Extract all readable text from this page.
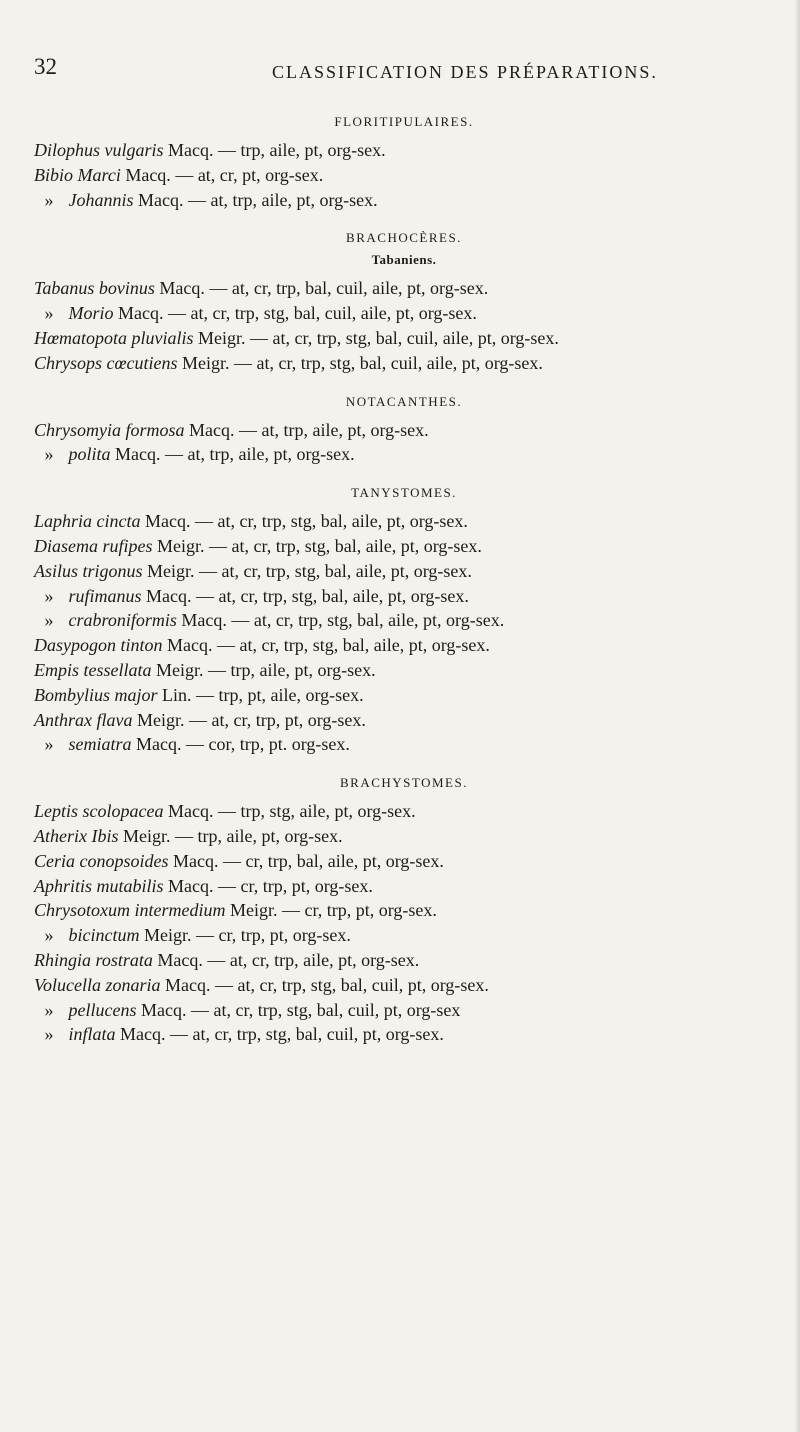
32	CLASSIFICATION DES PRÉPARATIONS.
FLORITIPULAIRES.
Dilophus vulgaris Macq. — trp, aile, pt, org-sex.
Bibio Marci Macq. — at, cr, pt, org-sex.
» Johannis Macq. — at, trp, aile, pt, org-sex.
BRACHOCÈRES.
Tabaniens.
Tabanus bovinus Macq. — at, cr, trp, bal, cuil, aile, pt, org-sex.
» Morio Macq. — at, cr, trp, stg, bal, cuil, aile, pt, org-sex.
Hœmatopota pluvialis Meigr. — at, cr, trp, stg, bal, cuil, aile, pt, org-sex.
Chrysops cœcutiens Meigr. — at, cr, trp, stg, bal, cuil, aile, pt, org-sex.
NOTACANTHES.
Chrysomyia formosa Macq. — at, trp, aile, pt, org-sex.
» polita Macq. — at, trp, aile, pt, org-sex.
TANYSTOMES.
Laphria cincta Macq. — at, cr, trp, stg, bal, aile, pt, org-sex.
Diasema rufipes Meigr. — at, cr, trp, stg, bal, aile, pt, org-sex.
Asilus trigonus Meigr. — at, cr, trp, stg, bal, aile, pt, org-sex.
» rufimanus Macq. — at, cr, trp, stg, bal, aile, pt, org-sex.
» crabroniformis Macq. — at, cr, trp, stg, bal, aile, pt, org-sex.
Dasypogon tinton Macq. — at, cr, trp, stg, bal, aile, pt, org-sex.
Empis tessellata Meigr. — trp, aile, pt, org-sex.
Bombylius major Lin. — trp, pt, aile, org-sex.
Anthrax flava Meigr. — at, cr, trp, pt, org-sex.
» semiatra Macq. — cor, trp, pt. org-sex.
BRACHYSTOMES.
Leptis scolopacea Macq. — trp, stg, aile, pt, org-sex.
Atherix Ibis Meigr. — trp, aile, pt, org-sex.
Ceria conopsoides Macq. — cr, trp, bal, aile, pt, org-sex.
Aphritis mutabilis Macq. — cr, trp, pt, org-sex.
Chrysotoxum intermedium Meigr. — cr, trp, pt, org-sex.
» bicinctum Meigr. — cr, trp, pt, org-sex.
Rhingia rostrata Macq. — at, cr, trp, aile, pt, org-sex.
Volucella zonaria Macq. — at, cr, trp, stg, bal, cuil, pt, org-sex.
» pellucens Macq. — at, cr, trp, stg, bal, cuil, pt, org-sex
» inflata Macq. — at, cr, trp, stg, bal, cuil, pt, org-sex.
